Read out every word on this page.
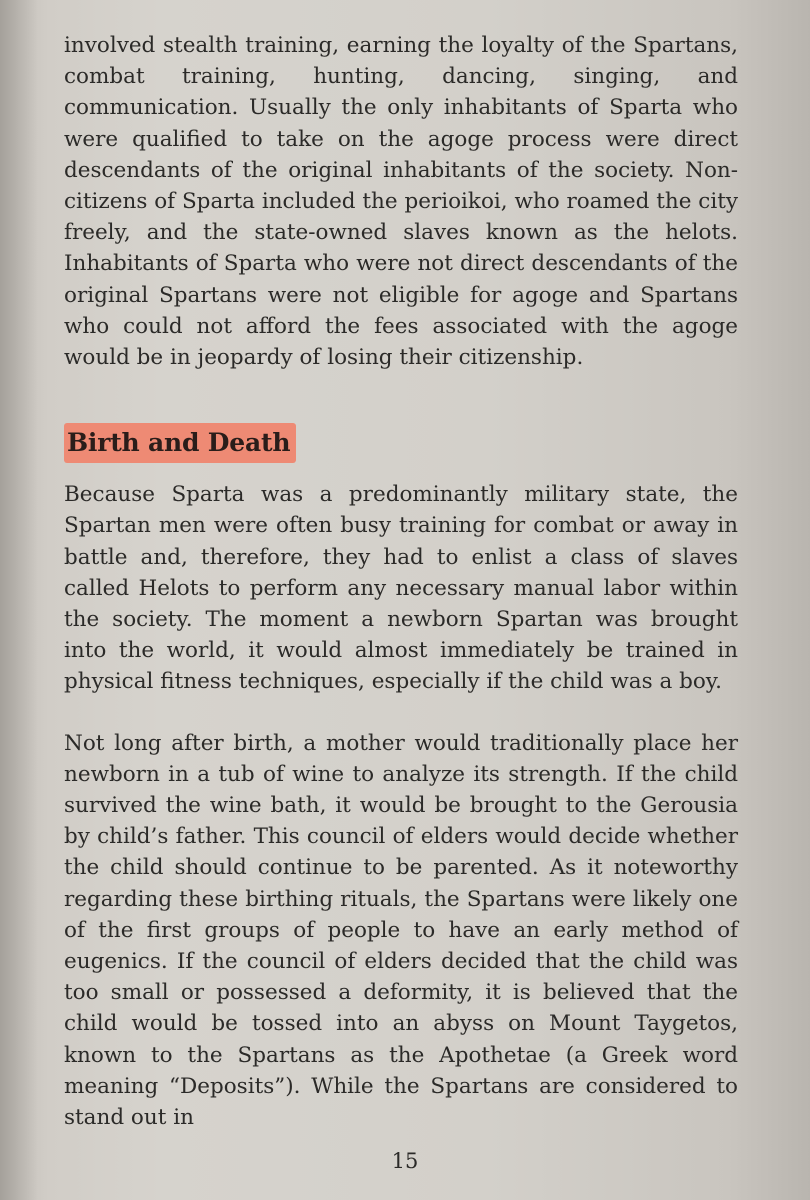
involved stealth training, earning the loyalty of the Spartans, combat training, hunting, dancing, singing, and communication. Usually the only inhabitants of Sparta who were qualified to take on the agoge process were direct descendants of the original inhabitants of the society. Non-citizens of Sparta included the perioikoi, who roamed the city freely, and the state-owned slaves known as the helots. Inhabitants of Sparta who were not direct descendants of the original Spartans were not eligible for agoge and Spartans who could not afford the fees associated with the agoge would be in jeopardy of losing their citizenship.

Birth and Death

Because Sparta was a predominantly military state, the Spartan men were often busy training for combat or away in battle and, therefore, they had to enlist a class of slaves called Helots to perform any necessary manual labor within the society. The moment a newborn Spartan was brought into the world, it would almost immediately be trained in physical fitness techniques, especially if the child was a boy.

Not long after birth, a mother would traditionally place her newborn in a tub of wine to analyze its strength. If the child survived the wine bath, it would be brought to the Gerousia by child’s father. This council of elders would decide whether the child should continue to be parented. As it noteworthy regarding these birthing rituals, the Spartans were likely one of the first groups of people to have an early method of eugenics. If the council of elders decided that the child was too small or possessed a deformity, it is believed that the child would be tossed into an abyss on Mount Taygetos, known to the Spartans as the Apothetae (a Greek word meaning “Deposits”). While the Spartans are considered to stand out in

15
